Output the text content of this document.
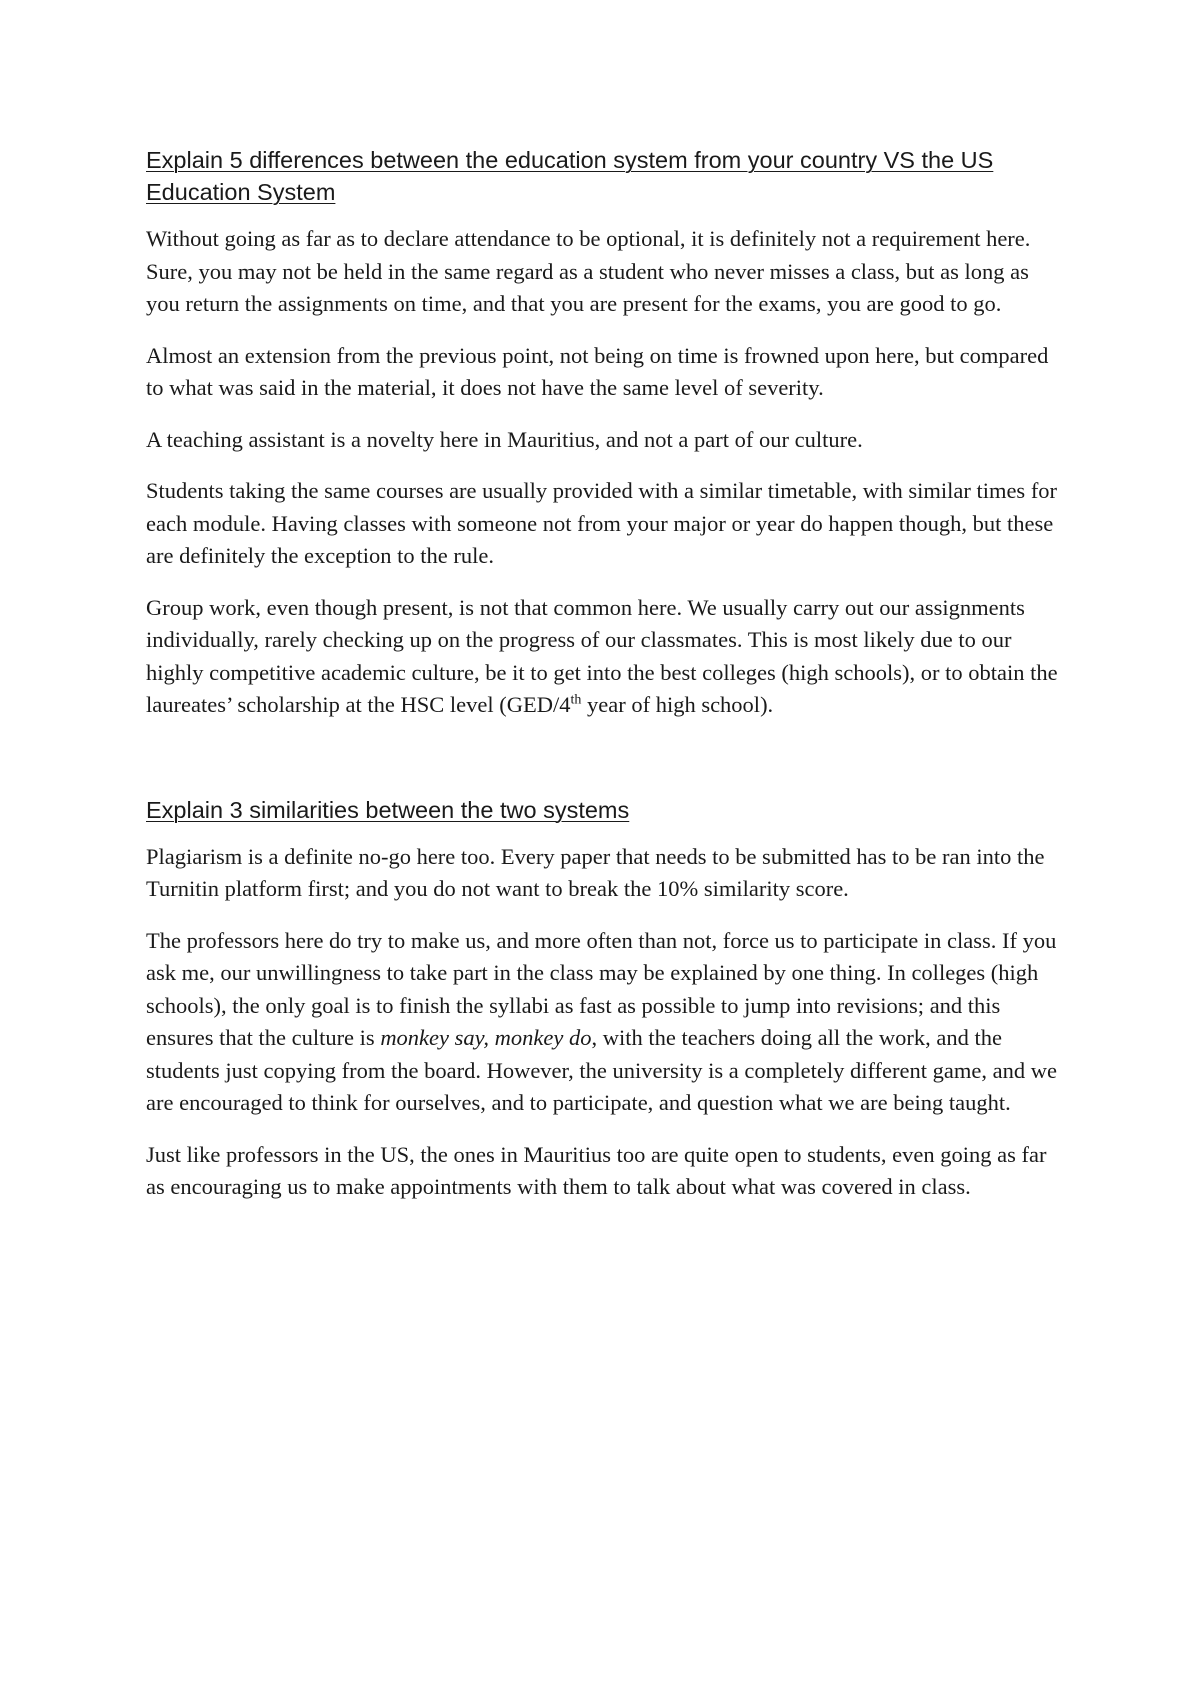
Explain 5 differences between the education system from your country VS the US Education System

Without going as far as to declare attendance to be optional, it is definitely not a requirement here. Sure, you may not be held in the same regard as a student who never misses a class, but as long as you return the assignments on time, and that you are present for the exams, you are good to go.

Almost an extension from the previous point, not being on time is frowned upon here, but compared to what was said in the material, it does not have the same level of severity.

A teaching assistant is a novelty here in Mauritius, and not a part of our culture.

Students taking the same courses are usually provided with a similar timetable, with similar times for each module. Having classes with someone not from your major or year do happen though, but these are definitely the exception to the rule.

Group work, even though present, is not that common here. We usually carry out our assignments individually, rarely checking up on the progress of our classmates. This is most likely due to our highly competitive academic culture, be it to get into the best colleges (high schools), or to obtain the laureates’ scholarship at the HSC level (GED/4th year of high school).

Explain 3 similarities between the two systems

Plagiarism is a definite no-go here too. Every paper that needs to be submitted has to be ran into the Turnitin platform first; and you do not want to break the 10% similarity score.

The professors here do try to make us, and more often than not, force us to participate in class. If you ask me, our unwillingness to take part in the class may be explained by one thing. In colleges (high schools), the only goal is to finish the syllabi as fast as possible to jump into revisions; and this ensures that the culture is monkey say, monkey do, with the teachers doing all the work, and the students just copying from the board. However, the university is a completely different game, and we are encouraged to think for ourselves, and to participate, and question what we are being taught.

Just like professors in the US, the ones in Mauritius too are quite open to students, even going as far as encouraging us to make appointments with them to talk about what was covered in class.
